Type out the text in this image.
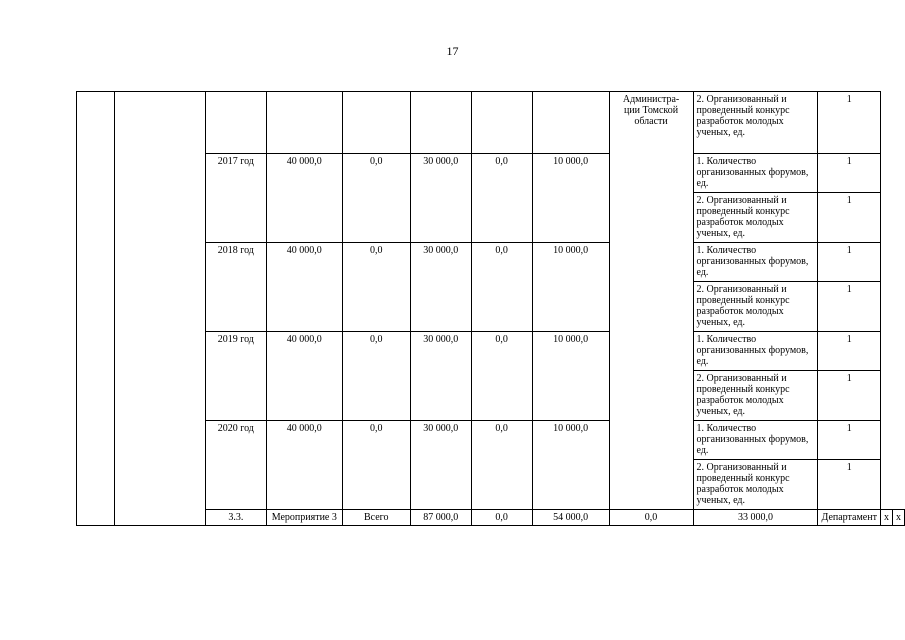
17
								Администра-
ции Томской
области	2. Организованный и проведенный конкурс разработок молодых ученых, ед.	1		
		2017 год	40 000,0	0,0	30 000,0	0,0	10 000,0		1. Количество организованных форумов, ед.	1		
									2. Организованный и проведенный конкурс разработок молодых ученых, ед.	1		
		2018 год	40 000,0	0,0	30 000,0	0,0	10 000,0		1. Количество организованных форумов, ед.	1		
									2. Организованный и проведенный конкурс разработок молодых ученых, ед.	1		
		2019 год	40 000,0	0,0	30 000,0	0,0	10 000,0		1. Количество организованных форумов, ед.	1		
									2. Организованный и проведенный конкурс разработок молодых ученых, ед.	1		
		2020 год	40 000,0	0,0	30 000,0	0,0	10 000,0		1. Количество организованных форумов, ед.	1		
									2. Организованный и проведенный конкурс разработок молодых ученых, ед.	1		
		3.3.	Мероприятие 3	Всего	87 000,0	0,0	54 000,0	0,0	33 000,0	Департамент	х	х
